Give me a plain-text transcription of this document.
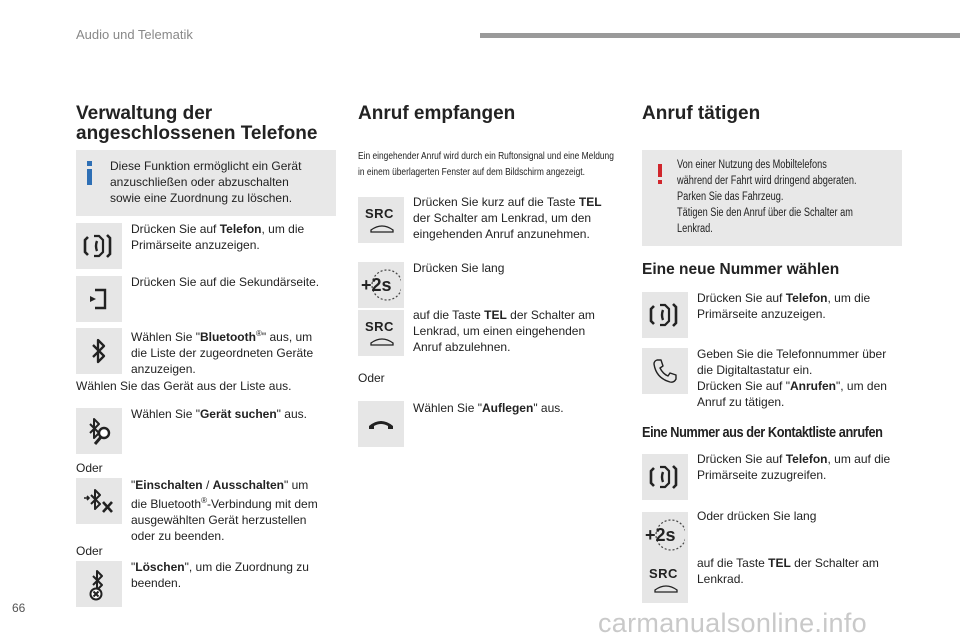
Audio und Telematik
Verwaltung der
angeschlossenen Telefone
Diese Funktion ermöglicht ein Gerät
anzuschließen oder abzuschalten
sowie eine Zuordnung zu löschen.
Drücken Sie auf Telefon, um die
Primärseite anzuzeigen.
Drücken Sie auf die Sekundärseite.
Wählen Sie "Bluetooth®" aus, um
die Liste der zugeordneten Geräte
anzuzeigen.
Wählen Sie das Gerät aus der Liste aus.
Wählen Sie "Gerät suchen" aus.
Oder
"Einschalten / Ausschalten" um
die Bluetooth®-Verbindung mit dem
ausgewählten Gerät herzustellen
oder zu beenden.
Oder
"Löschen", um die Zuordnung zu
beenden.
Anruf empfangen
Ein eingehender Anruf wird durch ein Ruftonsignal und eine Meldung
in einem überlagerten Fenster auf dem Bildschirm angezeigt.
SRC
Drücken Sie kurz auf die Taste TEL
der Schalter am Lenkrad, um den
eingehenden Anruf anzunehmen.
+2s
Drücken Sie lang
SRC
auf die Taste TEL der Schalter am
Lenkrad, um einen eingehenden
Anruf abzulehnen.
Oder
Wählen Sie "Auflegen" aus.
Anruf tätigen
Von einer Nutzung des Mobiltelefons
während der Fahrt wird dringend abgeraten.
Parken Sie das Fahrzeug.
Tätigen Sie den Anruf über die Schalter am
Lenkrad.
Eine neue Nummer wählen
Drücken Sie auf Telefon, um die
Primärseite anzuzeigen.
Geben Sie die Telefonnummer über
die Digitaltastatur ein.
Drücken Sie auf "Anrufen", um den
Anruf zu tätigen.
Eine Nummer aus der Kontaktliste anrufen
Drücken Sie auf Telefon, um auf die
Primärseite zuzugreifen.
+2s
Oder drücken Sie lang
SRC
auf die Taste TEL der Schalter am
Lenkrad.
66	carmanualsonline.info
